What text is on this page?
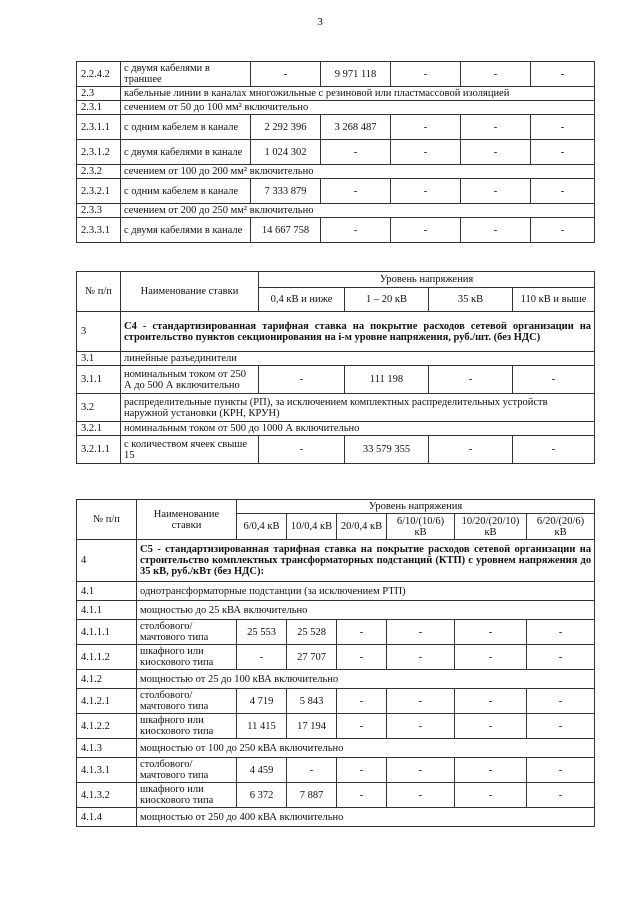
3
2.2.4.2	с двумя кабелями в траншее	-	9 971 118	-	-	-
2.3	кабельные линии в каналах многожильные с резиновой или пластмассовой изоляцией					
2.3.1	сечением от 50 до 100 мм² включительно					
2.3.1.1	с одним кабелем в канале	2 292 396	3 268 487	-	-	-
2.3.1.2	с двумя кабелями в канале	1 024 302	-	-	-	-
2.3.2	сечением от 100 до 200 мм² включительно					
2.3.2.1	с одним кабелем в канале	7 333 879	-	-	-	-
2.3.3	сечением от 200 до 250 мм² включительно					
2.3.3.1	с двумя кабелями в канале	14 667 758	-	-	-	-
№ п/п	Наименование ставки	Уровень напряжения			
		0,4 кВ и ниже	1 – 20 кВ	35 кВ	110 кВ и выше
3	С4 - стандартизированная тарифная ставка на покрытие расходов сетевой организации на строительство пунктов секционирования на i-м уровне напряжения, руб./шт. (без НДС)				
3.1	линейные разъединители				
3.1.1	номинальным током от 250 А до 500 А включительно	-	111 198	-	-
3.2	распределительные пункты (РП), за исключением комплектных распределительных устройств наружной установки (КРН, КРУН)				
3.2.1	номинальным током от 500 до 1000 А включительно				
3.2.1.1	с количеством ячеек свыше 15	-	33 579 355	-	-
№ п/п	Наименование ставки	Уровень напряжения					
		6/0,4 кВ	10/0,4 кВ	20/0,4 кВ	6/10/(10/6) кВ	10/20/(20/10) кВ	6/20/(20/6) кВ
4	С5 - стандартизированная тарифная ставка на покрытие расходов сетевой организации на строительство комплектных трансформаторных подстанций (КТП) с уровнем напряжения до 35 кВ, руб./кВт (без НДС):						
4.1	однотрансформаторные подстанции (за исключением РТП)						
4.1.1	мощностью до 25 кВА включительно						
4.1.1.1	столбового/ мачтового типа	25 553	25 528	-	-	-	-
4.1.1.2	шкафного или киоскового типа	-	27 707	-	-	-	-
4.1.2	мощностью от 25 до 100 кВА включительно						
4.1.2.1	столбового/ мачтового типа	4 719	5 843	-	-	-	-
4.1.2.2	шкафного или киоскового типа	11 415	17 194	-	-	-	-
4.1.3	мощностью от 100 до 250 кВА включительно						
4.1.3.1	столбового/ мачтового типа	4 459	-	-	-	-	-
4.1.3.2	шкафного или киоскового типа	6 372	7 887	-	-	-	-
4.1.4	мощностью от 250 до 400 кВА включительно						
